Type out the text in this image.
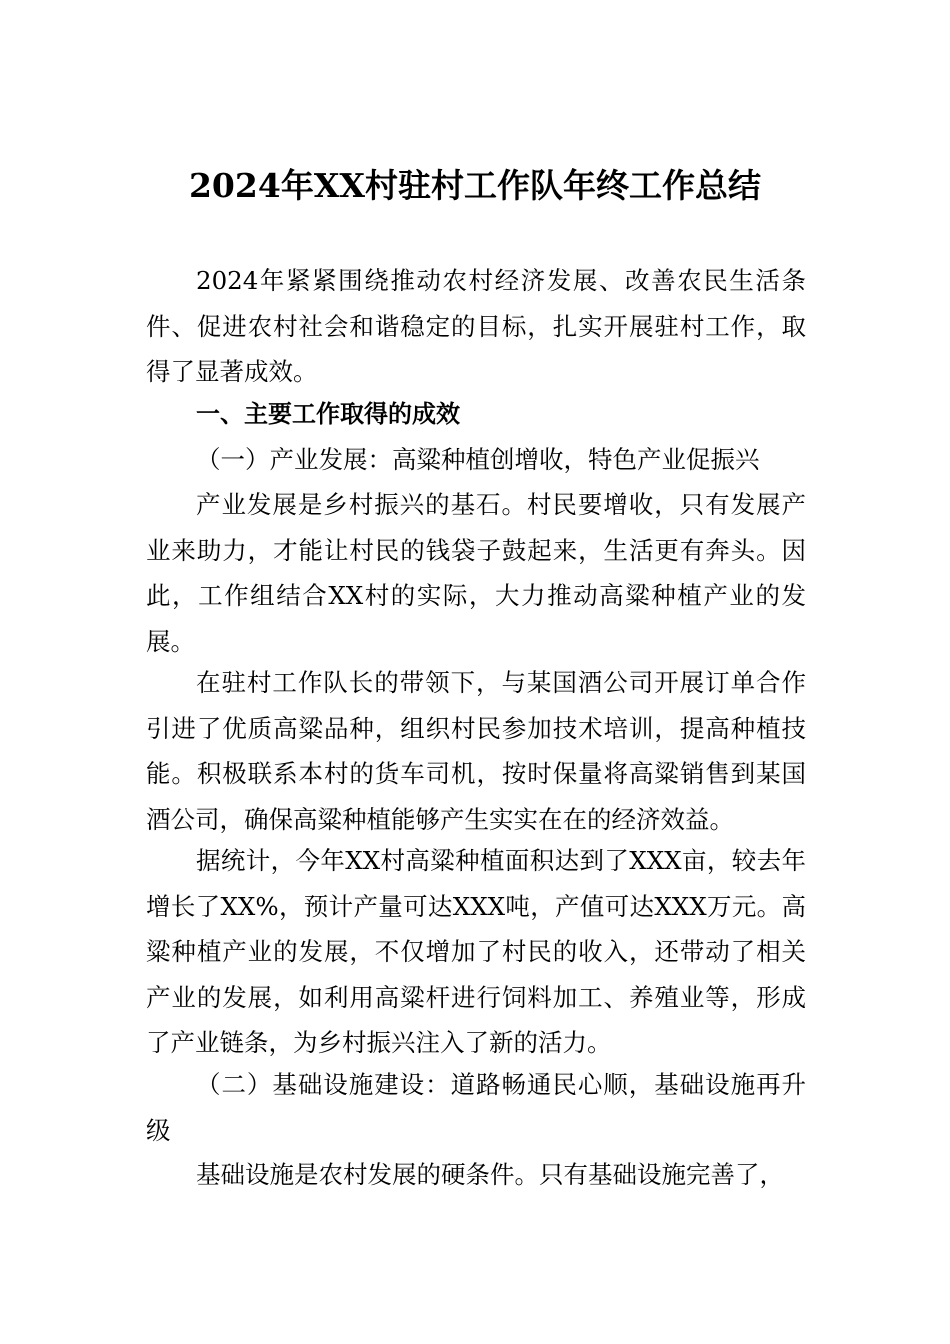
2024年XX村驻村工作队年终工作总结

2024年紧紧围绕推动农村经济发展、改善农民生活条件、促进农村社会和谐稳定的目标，扎实开展驻村工作，取得了显著成效。

一、主要工作取得的成效

（一）产业发展：高粱种植创增收，特色产业促振兴

产业发展是乡村振兴的基石。村民要增收，只有发展产业来助力，才能让村民的钱袋子鼓起来，生活更有奔头。因此，工作组结合XX村的实际，大力推动高粱种植产业的发展。

在驻村工作队长的带领下，与某国酒公司开展订单合作引进了优质高粱品种，组织村民参加技术培训，提高种植技能。积极联系本村的货车司机，按时保量将高粱销售到某国酒公司，确保高粱种植能够产生实实在在的经济效益。

据统计，今年XX村高粱种植面积达到了XXX亩，较去年增长了XX%，预计产量可达XXX吨，产值可达XXX万元。高粱种植产业的发展，不仅增加了村民的收入，还带动了相关产业的发展，如利用高粱杆进行饲料加工、养殖业等，形成了产业链条，为乡村振兴注入了新的活力。

（二）基础设施建设：道路畅通民心顺，基础设施再升级

基础设施是农村发展的硬条件。只有基础设施完善了，
